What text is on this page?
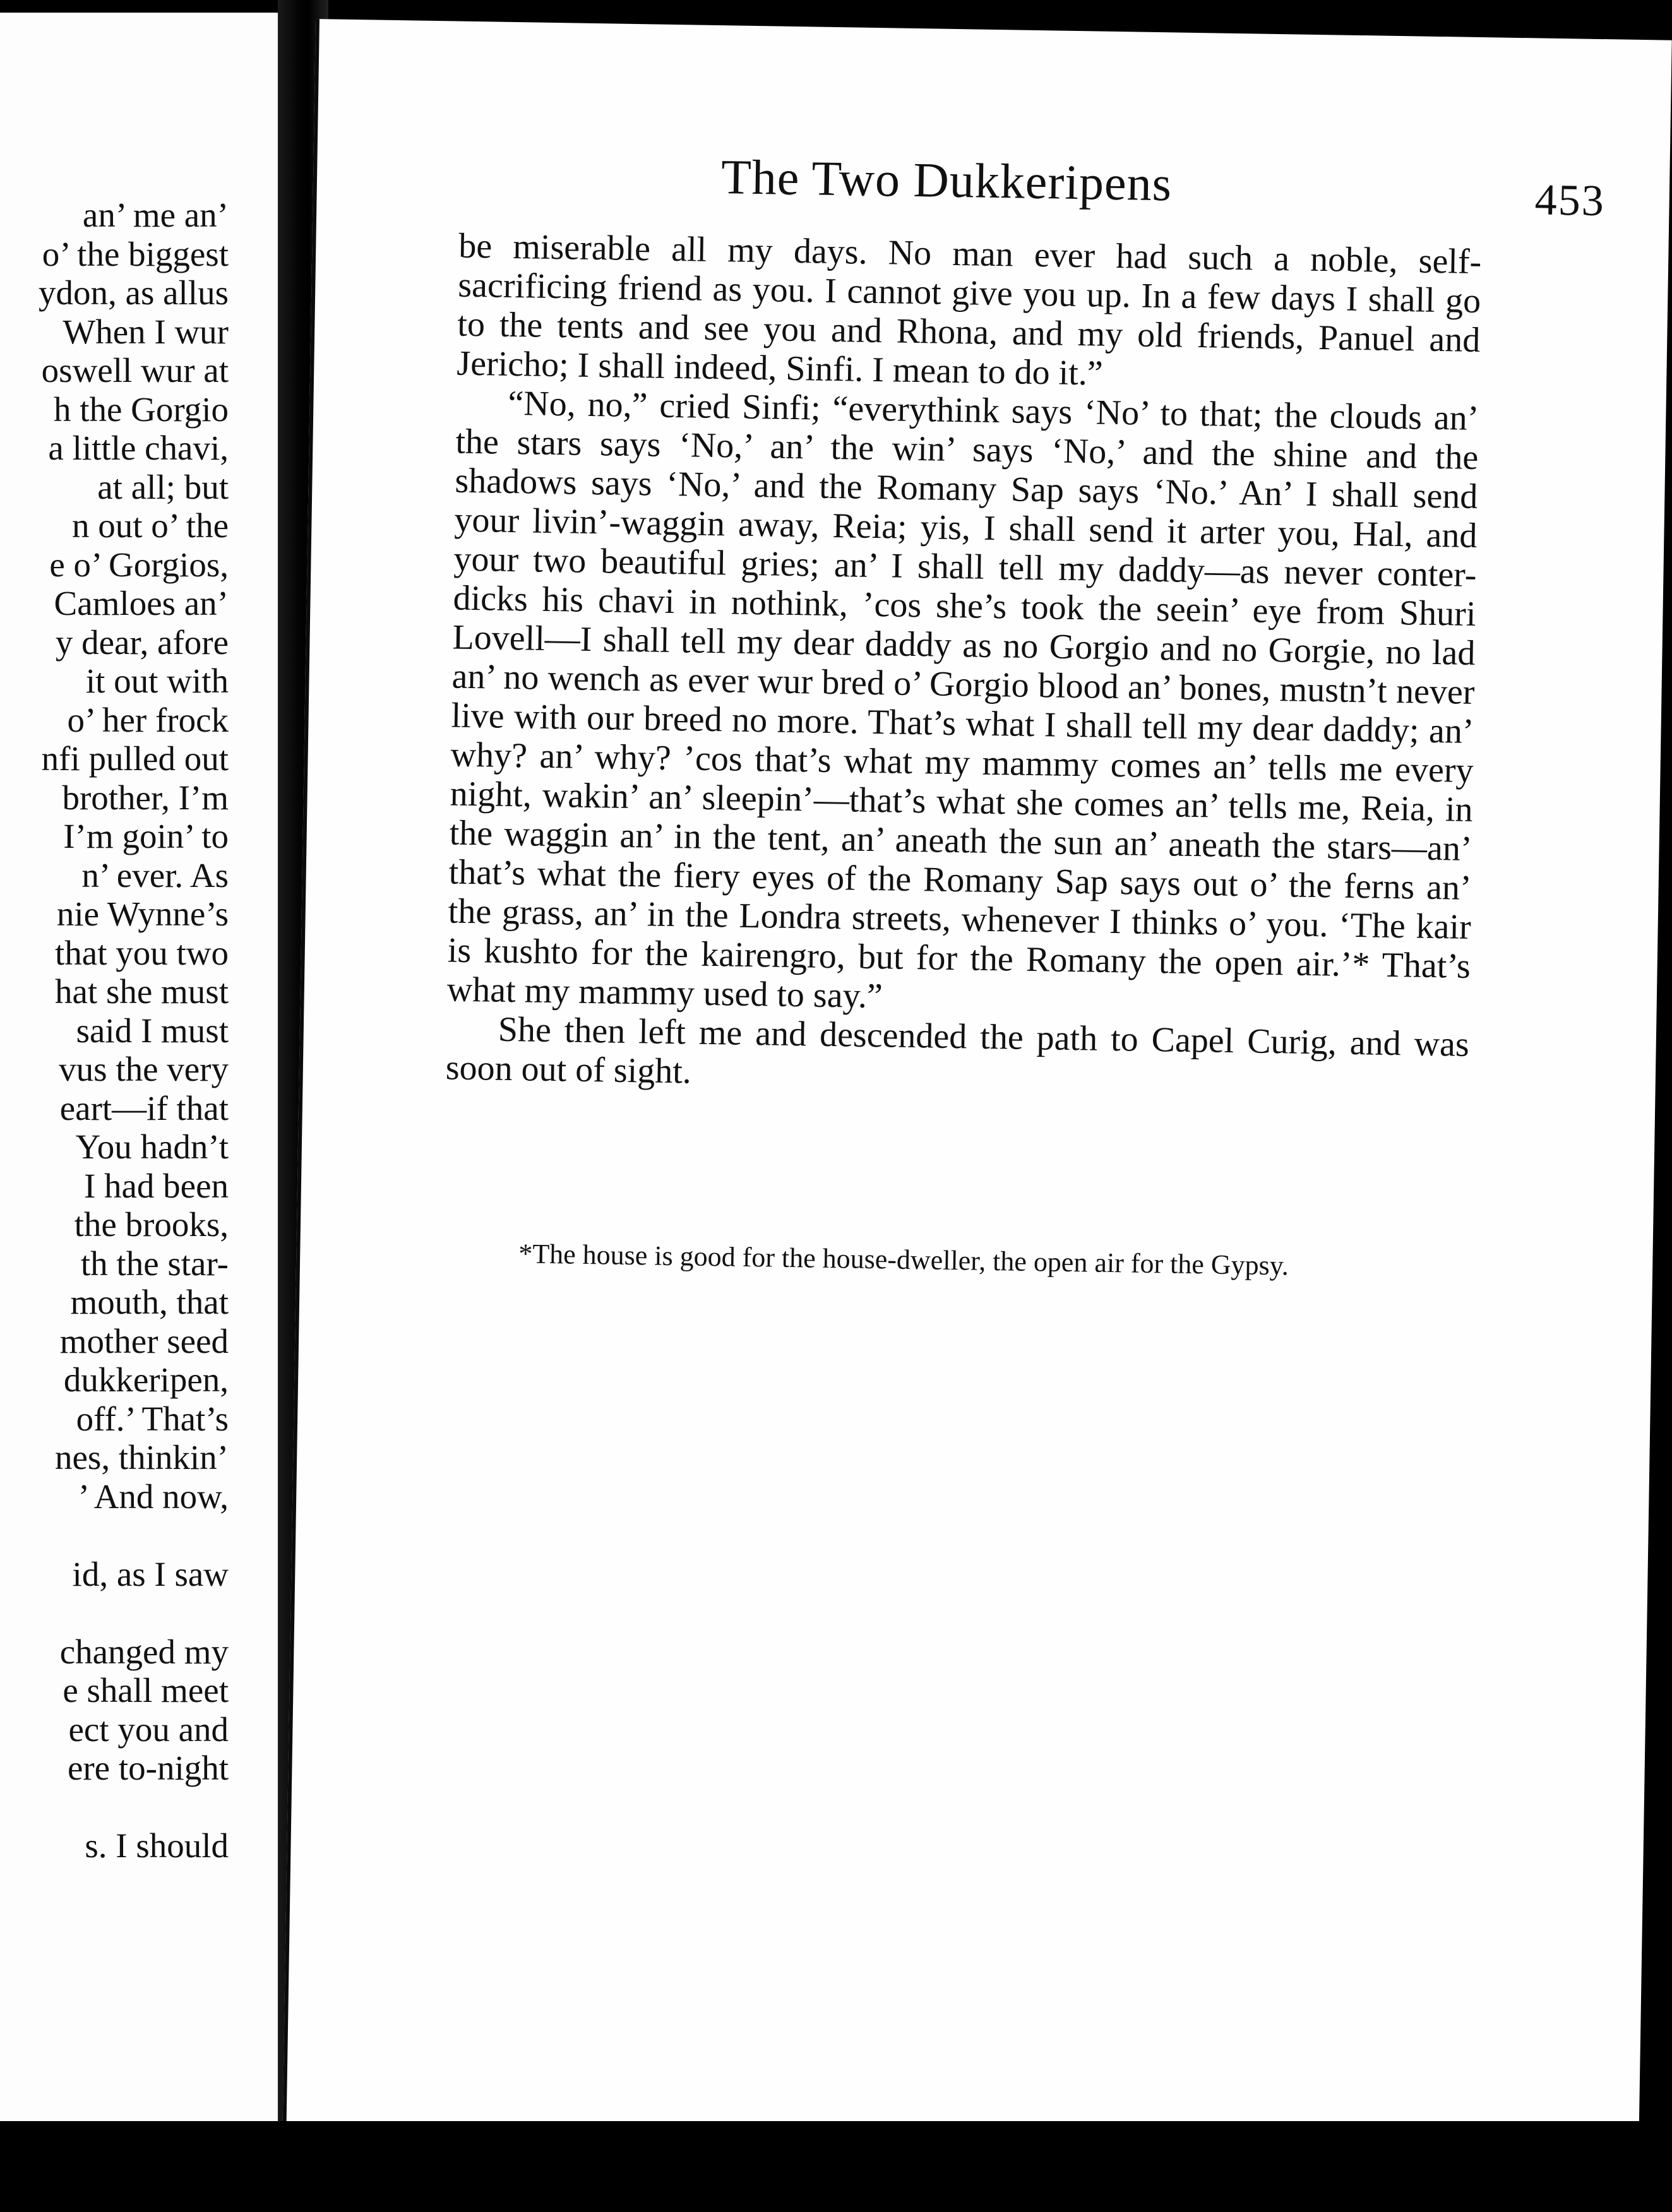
an’ me an’
o’ the biggest
ydon, as allus
When I wur
oswell wur at
h the Gorgio
a little chavi,
at all; but
n out o’ the
e o’ Gorgios,
Camloes an’
y dear, afore
it out with
o’ her frock
nfi pulled out
brother, I’m
I’m goin’ to
n’ ever. As
nie Wynne’s
that you two
hat she must
said I must
vus the very
eart—if that
You hadn’t
I had been
the brooks,
th the star-
mouth, that
mother seed
dukkeripen,
off.’ That’s
nes, thinkin’
’ And now,
id, as I saw
changed my
e shall meet
ect you and
ere to-night
s. I should
The Two Dukkeripens	453

be miserable all my days. No man ever had such a noble, self-sacrificing friend as you. I cannot give you up. In a few days I shall go to the tents and see you and Rhona, and my old friends, Panuel and Jericho; I shall indeed, Sinfi. I mean to do it.”

“No, no,” cried Sinfi; “everythink says ‘No’ to that; the clouds an’ the stars says ‘No,’ an’ the win’ says ‘No,’ and the shine and the shadows says ‘No,’ and the Romany Sap says ‘No.’ An’ I shall send your livin’-waggin away, Reia; yis, I shall send it arter you, Hal, and your two beautiful gries; an’ I shall tell my daddy—as never conter-dicks his chavi in nothink, ’cos she’s took the seein’ eye from Shuri Lovell—I shall tell my dear daddy as no Gorgio and no Gorgie, no lad an’ no wench as ever wur bred o’ Gorgio blood an’ bones, mustn’t never live with our breed no more. That’s what I shall tell my dear daddy; an’ why? an’ why? ’cos that’s what my mammy comes an’ tells me every night, wakin’ an’ sleepin’—that’s what she comes an’ tells me, Reia, in the waggin an’ in the tent, an’ aneath the sun an’ aneath the stars—an’ that’s what the fiery eyes of the Romany Sap says out o’ the ferns an’ the grass, an’ in the Londra streets, whenever I thinks o’ you. ‘The kair is kushto for the kairengro, but for the Romany the open air.’* That’s what my mammy used to say.”

She then left me and descended the path to Capel Curig, and was soon out of sight.

*The house is good for the house-dweller, the open air for the Gypsy.
